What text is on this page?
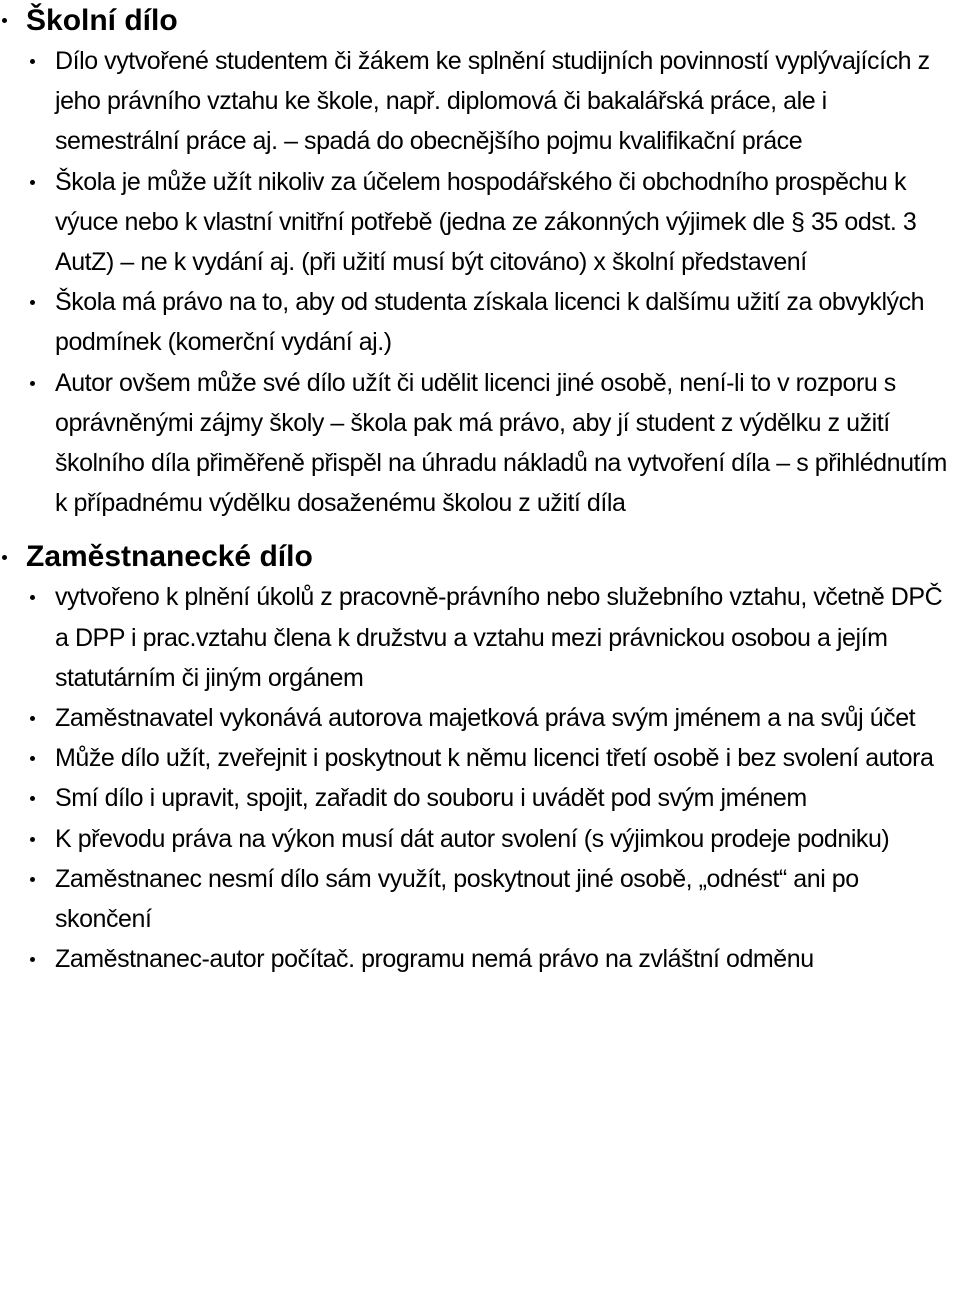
Školní dílo
Dílo vytvořené studentem či žákem ke splnění studijních povinností vyplývajících z jeho právního vztahu ke škole, např. diplomová či bakalářská práce, ale i semestrální práce aj. – spadá do obecnějšího pojmu kvalifikační práce
Škola je může užít nikoliv za účelem hospodářského či obchodního prospěchu k výuce nebo k vlastní vnitřní potřebě (jedna ze zákonných výjimek dle § 35 odst. 3 AutZ) – ne k vydání aj. (při užití musí být citováno) x školní představení
Škola má právo na to, aby od studenta získala licenci k dalšímu užití za obvyklých podmínek (komerční vydání aj.)
Autor ovšem může své dílo užít či udělit licenci jiné osobě, není-li to v rozporu s oprávněnými zájmy školy – škola pak má právo, aby jí student z výdělku z užití školního díla přiměřeně přispěl na úhradu nákladů na vytvoření díla – s přihlédnutím k případnému výdělku dosaženému školou z užití díla
Zaměstnanecké dílo
vytvořeno k plnění úkolů z pracovně-právního nebo služebního vztahu, včetně DPČ a DPP i prac.vztahu člena k družstvu a vztahu mezi právnickou osobou a jejím statutárním či jiným orgánem
Zaměstnavatel vykonává autorova majetková práva svým jménem a na svůj účet
Může dílo užít, zveřejnit i poskytnout k němu licenci třetí osobě i bez svolení autora
Smí dílo i upravit, spojit, zařadit do souboru i uvádět pod svým jménem
K převodu práva na výkon musí dát autor svolení (s výjimkou prodeje podniku)
Zaměstnanec nesmí dílo sám využít, poskytnout jiné osobě, „odnést“ ani po skončení
Zaměstnanec-autor počítač. programu nemá právo na zvláštní odměnu
